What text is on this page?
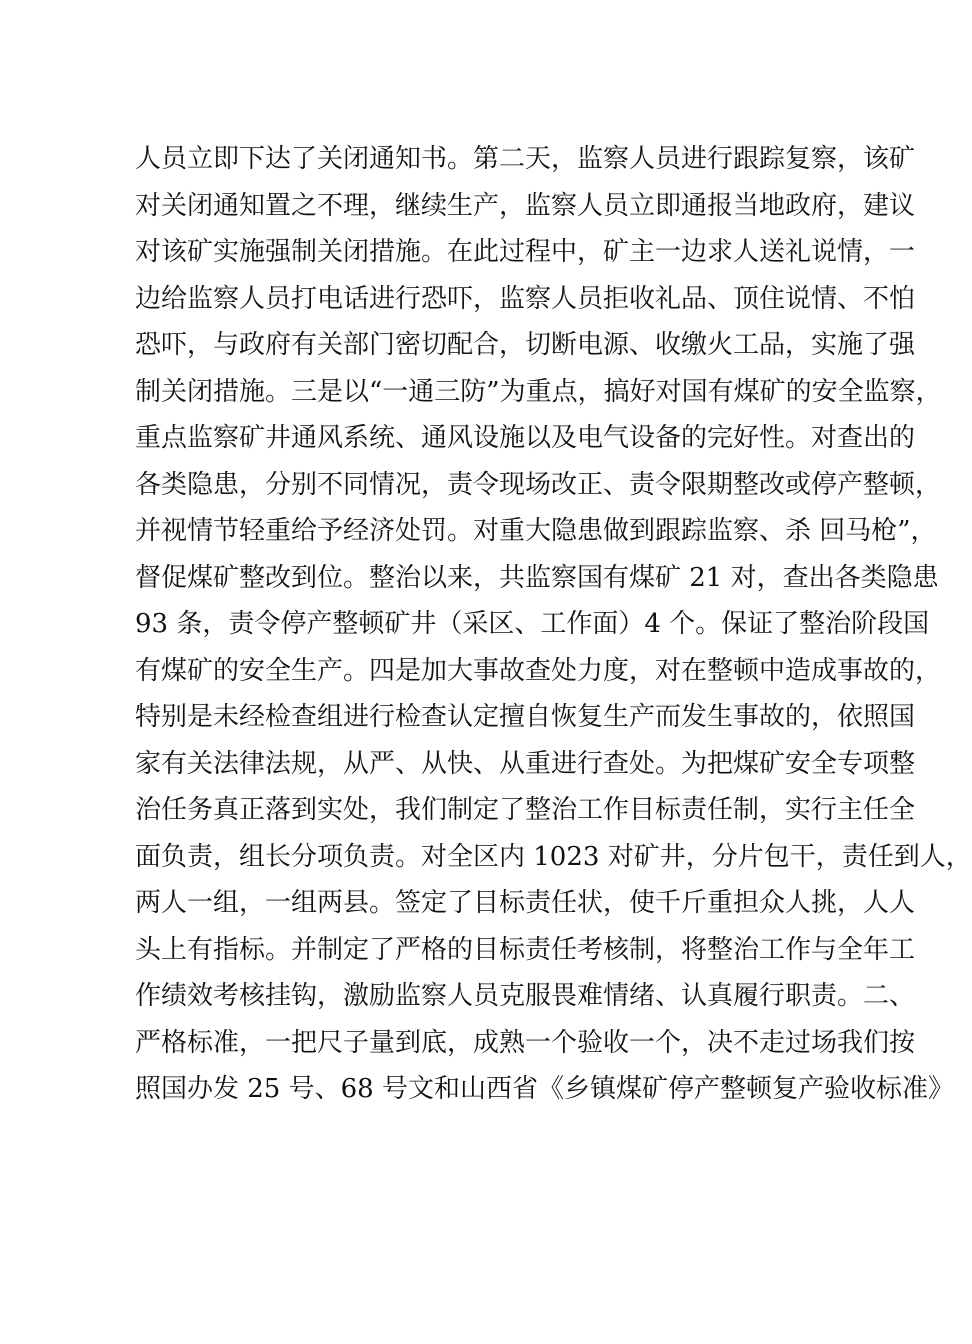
人员立即下达了关闭通知书。第二天，监察人员进行跟踪复察，该矿
对关闭通知置之不理，继续生产，监察人员立即通报当地政府，建议
对该矿实施强制关闭措施。在此过程中，矿主一边求人送礼说情，一
边给监察人员打电话进行恐吓，监察人员拒收礼品、顶住说情、不怕
恐吓，与政府有关部门密切配合，切断电源、收缴火工品，实施了强
制关闭措施。三是以“一通三防”为重点，搞好对国有煤矿的安全监察，
重点监察矿井通风系统、通风设施以及电气设备的完好性。对查出的
各类隐患，分别不同情况，责令现场改正、责令限期整改或停产整顿，
并视情节轻重给予经济处罚。对重大隐患做到跟踪监察、杀 回马枪”，
督促煤矿整改到位。整治以来，共监察国有煤矿 21 对，查出各类隐患
93 条，责令停产整顿矿井（采区、工作面）4 个。保证了整治阶段国
有煤矿的安全生产。四是加大事故查处力度，对在整顿中造成事故的，
特别是未经检查组进行检查认定擅自恢复生产而发生事故的，依照国
家有关法律法规，从严、从快、从重进行查处。为把煤矿安全专项整
治任务真正落到实处，我们制定了整治工作目标责任制，实行主任全
面负责，组长分项负责。对全区内 1023 对矿井，分片包干，责任到人，
两人一组，一组两县。签定了目标责任状，使千斤重担众人挑，人人
头上有指标。并制定了严格的目标责任考核制，将整治工作与全年工
作绩效考核挂钩，激励监察人员克服畏难情绪、认真履行职责。二、
严格标准，一把尺子量到底，成熟一个验收一个，决不走过场我们按
照国办发 25 号、68 号文和山西省《乡镇煤矿停产整顿复产验收标准》
